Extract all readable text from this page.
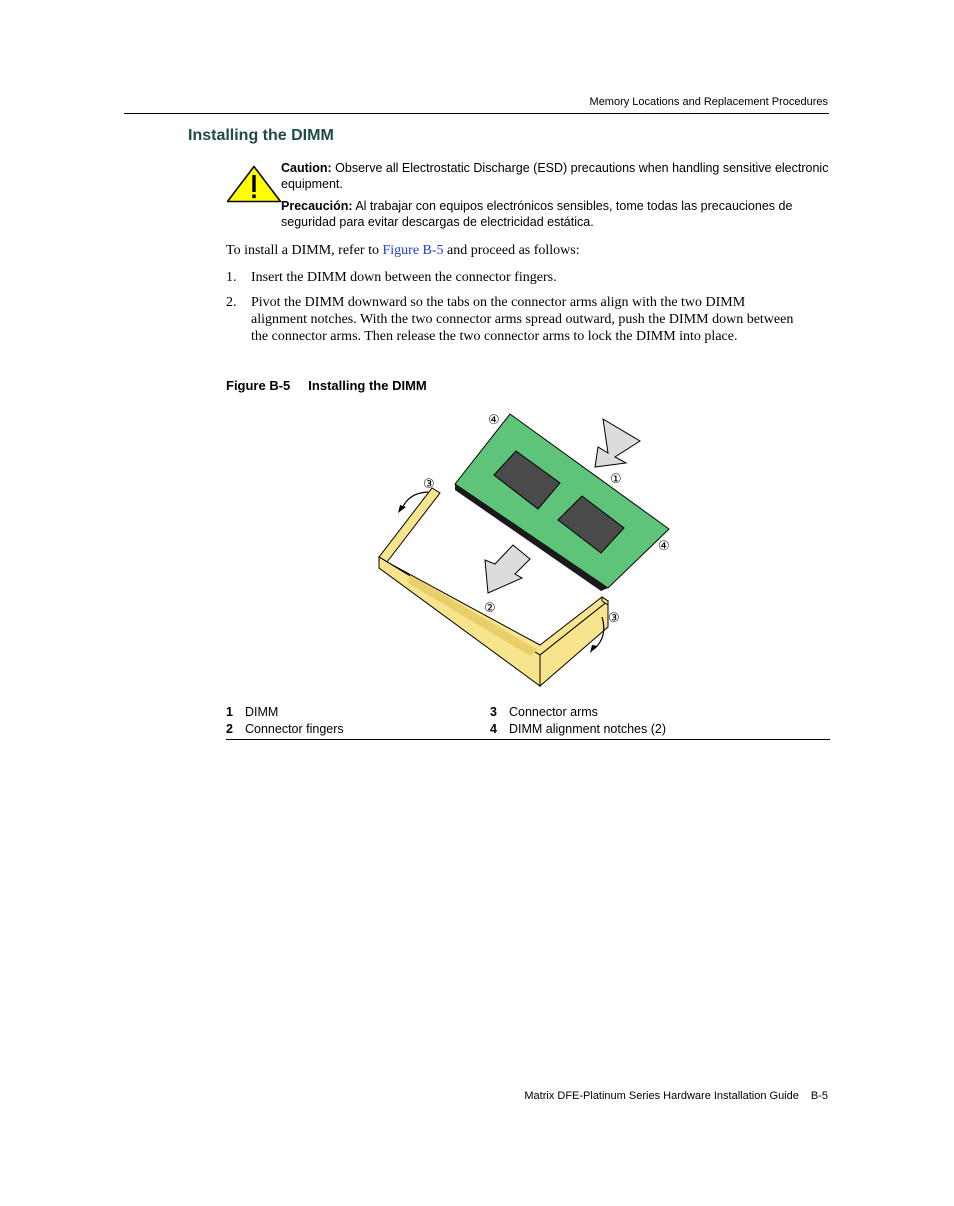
Memory Locations and Replacement Procedures
Installing the DIMM

Caution: Observe all Electrostatic Discharge (ESD) precautions when handling sensitive electronic equipment.

Precaución: Al trabajar con equipos electrónicos sensibles, tome todas las precauciones de seguridad para evitar descargas de electricidad estática.

To install a DIMM, refer to Figure B-5 and proceed as follows:

1. Insert the DIMM down between the connector fingers.
2. Pivot the DIMM downward so the tabs on the connector arms align with the two DIMM alignment notches. With the two connector arms spread outward, push the DIMM down between the connector arms. Then release the two connector arms to lock the DIMM into place.

Figure B-5 Installing the DIMM

④
③	①
④
②
③
1 DIMM	3 Connector arms
2 Connector fingers	4 DIMM alignment notches (2)
Matrix DFE-Platinum Series Hardware Installation Guide B-5
